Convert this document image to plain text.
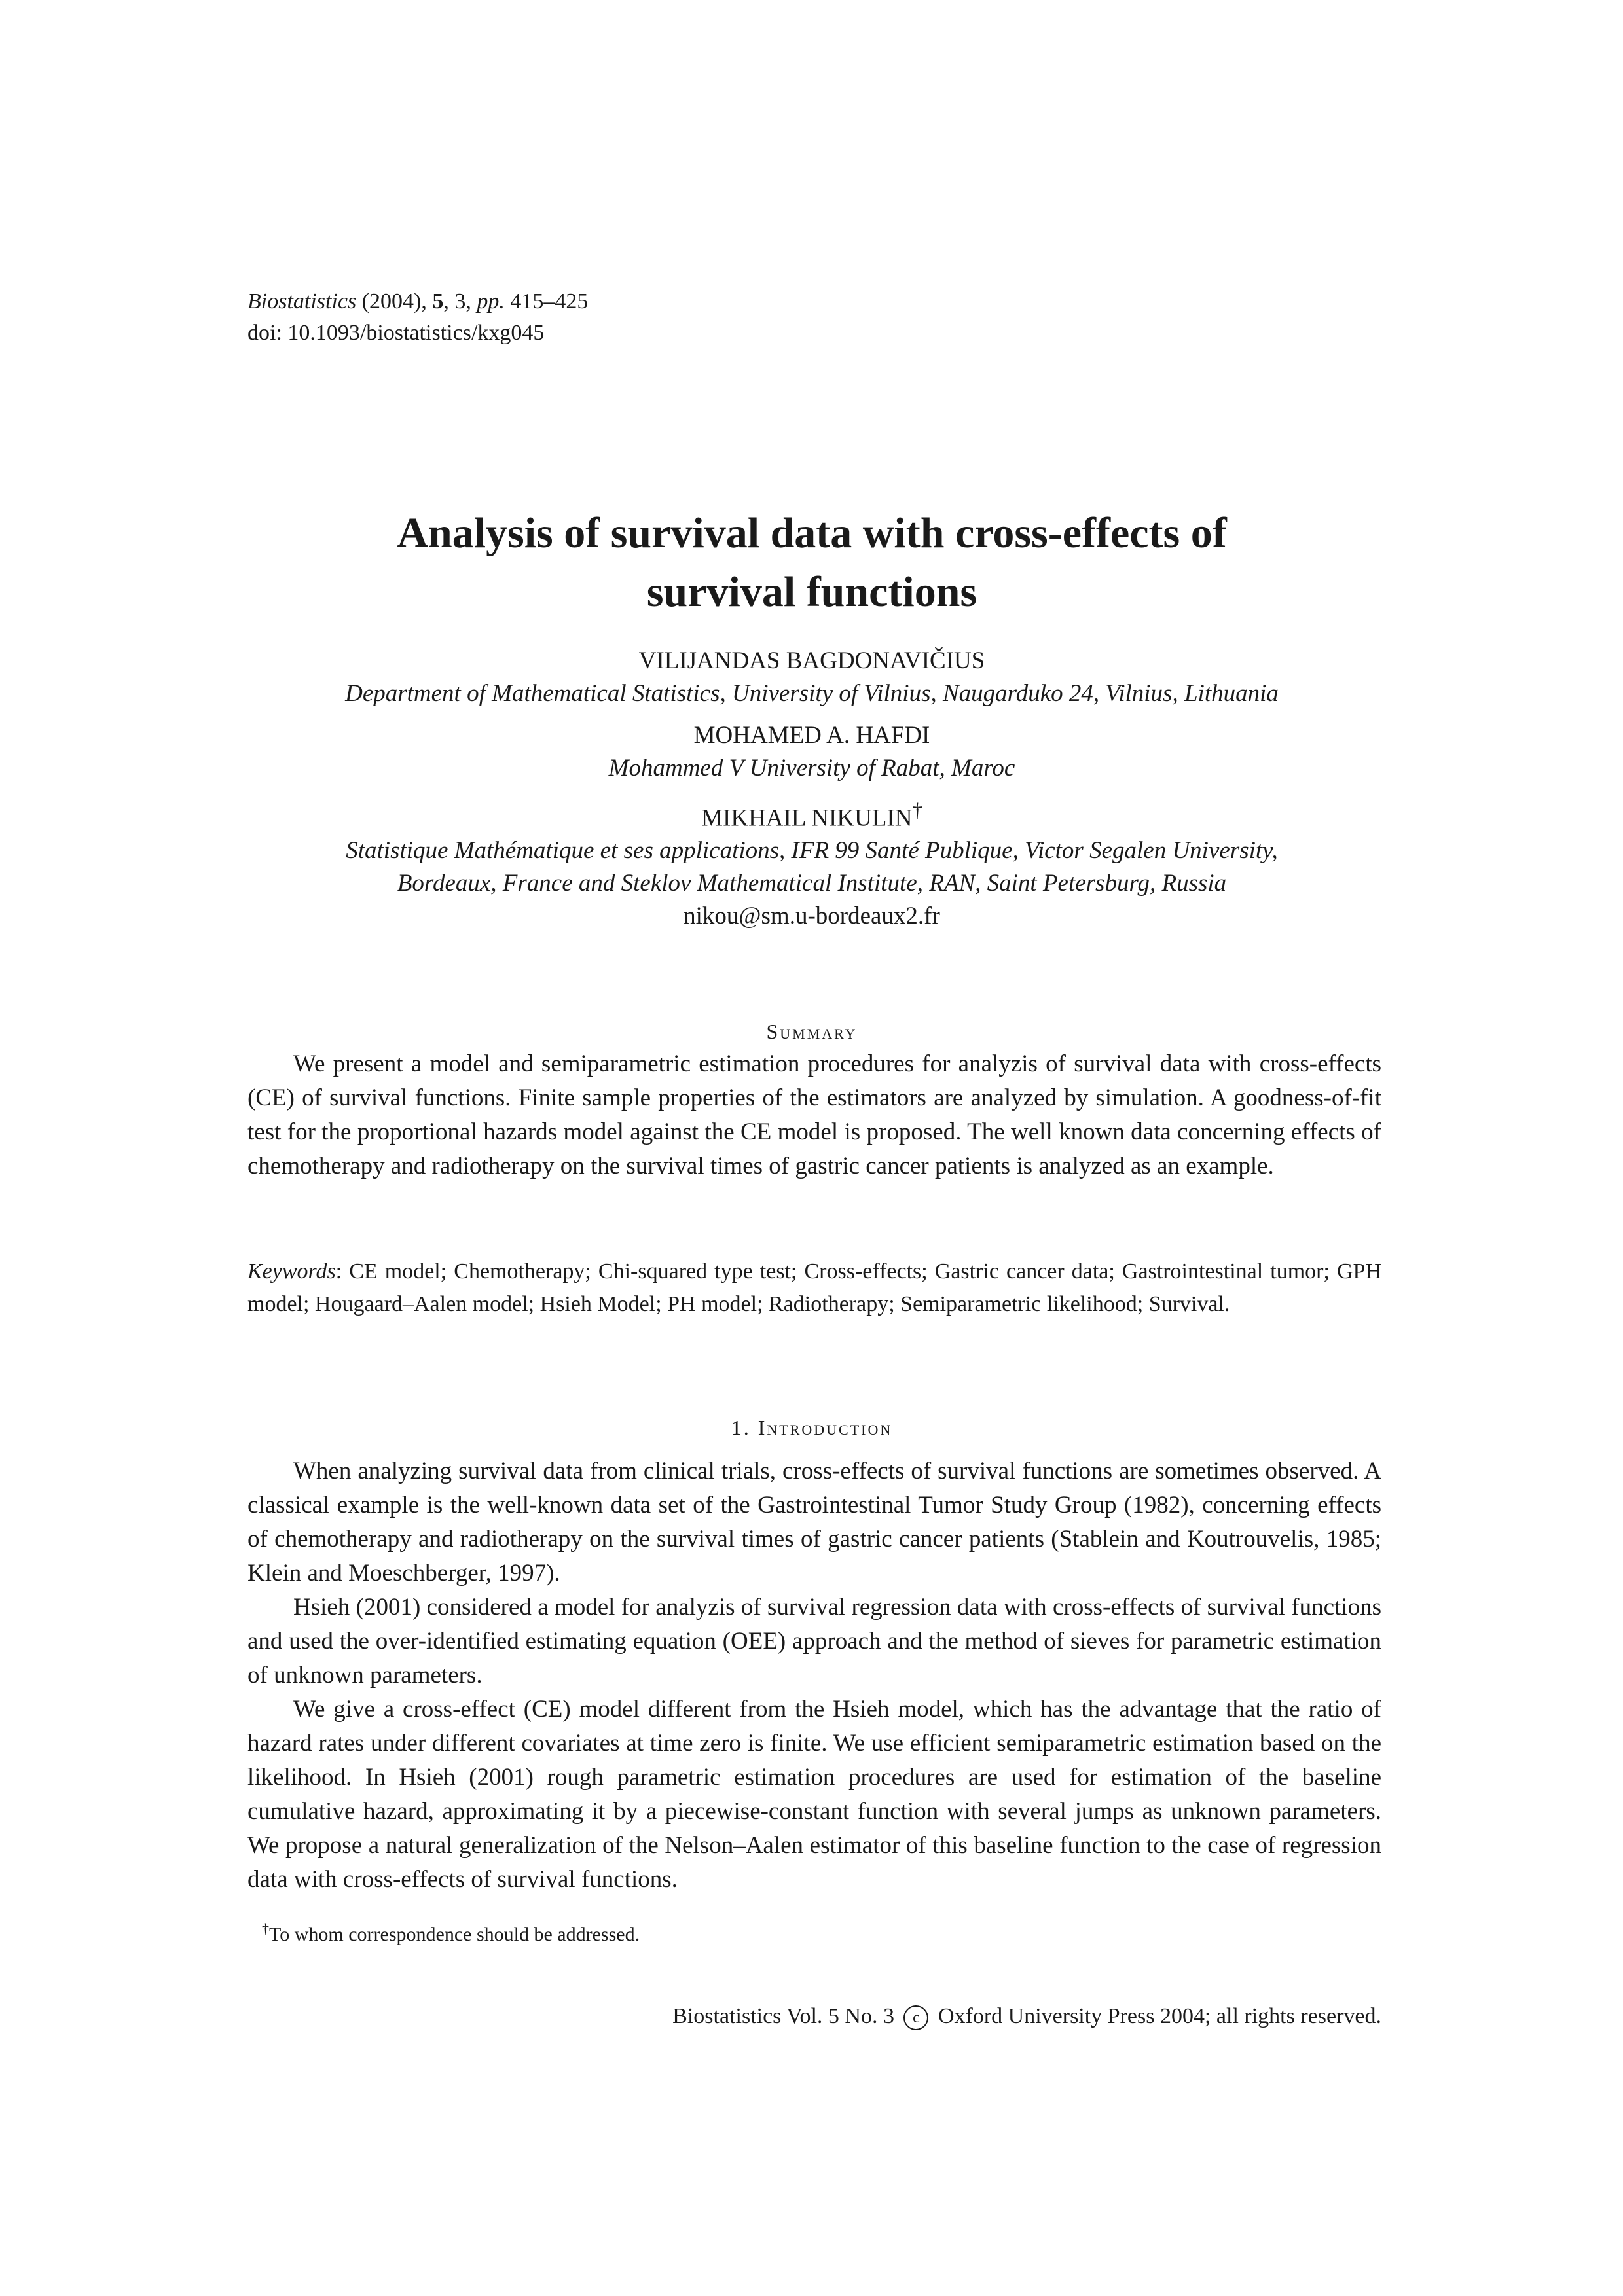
Biostatistics (2004), 5, 3, pp. 415–425
doi: 10.1093/biostatistics/kxg045
Analysis of survival data with cross-effects of
survival functions
VILIJANDAS BAGDONAVIČIUS
Department of Mathematical Statistics, University of Vilnius, Naugarduko 24, Vilnius, Lithuania
MOHAMED A. HAFDI
Mohammed V University of Rabat, Maroc
MIKHAIL NIKULIN†
Statistique Mathématique et ses applications, IFR 99 Santé Publique, Victor Segalen University,
Bordeaux, France and Steklov Mathematical Institute, RAN, Saint Petersburg, Russia
nikou@sm.u-bordeaux2.fr
Summary
We present a model and semiparametric estimation procedures for analyzis of survival data with cross-effects (CE) of survival functions. Finite sample properties of the estimators are analyzed by simulation. A goodness-of-fit test for the proportional hazards model against the CE model is proposed. The well known data concerning effects of chemotherapy and radiotherapy on the survival times of gastric cancer patients is analyzed as an example.
Keywords: CE model; Chemotherapy; Chi-squared type test; Cross-effects; Gastric cancer data; Gastrointestinal tumor; GPH model; Hougaard–Aalen model; Hsieh Model; PH model; Radiotherapy; Semiparametric likelihood; Survival.
1. Introduction

When analyzing survival data from clinical trials, cross-effects of survival functions are sometimes observed. A classical example is the well-known data set of the Gastrointestinal Tumor Study Group (1982), concerning effects of chemotherapy and radiotherapy on the survival times of gastric cancer patients (Stablein and Koutrouvelis, 1985; Klein and Moeschberger, 1997).

Hsieh (2001) considered a model for analyzis of survival regression data with cross-effects of survival functions and used the over-identified estimating equation (OEE) approach and the method of sieves for parametric estimation of unknown parameters.

We give a cross-effect (CE) model different from the Hsieh model, which has the advantage that the ratio of hazard rates under different covariates at time zero is finite. We use efficient semiparametric estimation based on the likelihood. In Hsieh (2001) rough parametric estimation procedures are used for estimation of the baseline cumulative hazard, approximating it by a piecewise-constant function with several jumps as unknown parameters. We propose a natural generalization of the Nelson–Aalen estimator of this baseline function to the case of regression data with cross-effects of survival functions.

†To whom correspondence should be addressed.
Biostatistics Vol. 5 No. 3 c Oxford University Press 2004; all rights reserved.
